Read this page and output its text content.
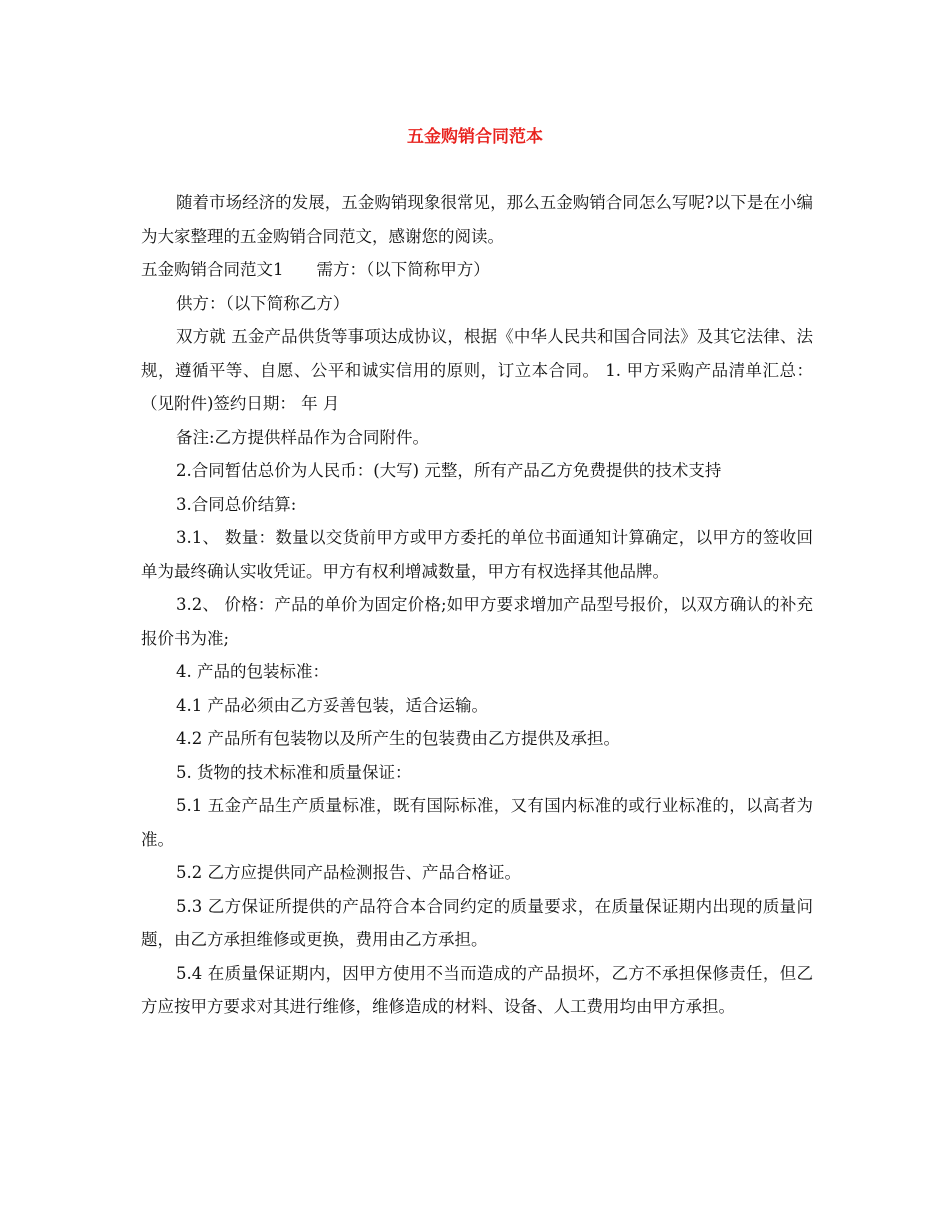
五金购销合同范本

随着市场经济的发展，五金购销现象很常见，那么五金购销合同怎么写呢?以下是在小编为大家整理的五金购销合同范文，感谢您的阅读。

五金购销合同范文1　　需方：（以下简称甲方）

供方：（以下简称乙方）

双方就 五金产品供货等事项达成协议，根据《中华人民共和国合同法》及其它法律、法规，遵循平等、自愿、公平和诚实信用的原则，订立本合同。 1. 甲方采购产品清单汇总：（见附件)签约日期： 年 月

备注:乙方提供样品作为合同附件。

2.合同暂估总价为人民币：(大写) 元整，所有产品乙方免费提供的技术支持

3.合同总价结算:

3.1、 数量：数量以交货前甲方或甲方委托的单位书面通知计算确定，以甲方的签收回单为最终确认实收凭证。甲方有权利增减数量，甲方有权选择其他品牌。

3.2、 价格：产品的单价为固定价格;如甲方要求增加产品型号报价，以双方确认的补充报价书为准;

4. 产品的包装标准：

4.1 产品必须由乙方妥善包装，适合运输。

4.2 产品所有包装物以及所产生的包装费由乙方提供及承担。

5. 货物的技术标准和质量保证：

5.1 五金产品生产质量标准，既有国际标准，又有国内标准的或行业标准的，以高者为准。

5.2 乙方应提供同产品检测报告、产品合格证。

5.3 乙方保证所提供的产品符合本合同约定的质量要求，在质量保证期内出现的质量问题，由乙方承担维修或更换，费用由乙方承担。

5.4 在质量保证期内，因甲方使用不当而造成的产品损坏，乙方不承担保修责任，但乙方应按甲方要求对其进行维修，维修造成的材料、设备、人工费用均由甲方承担。
